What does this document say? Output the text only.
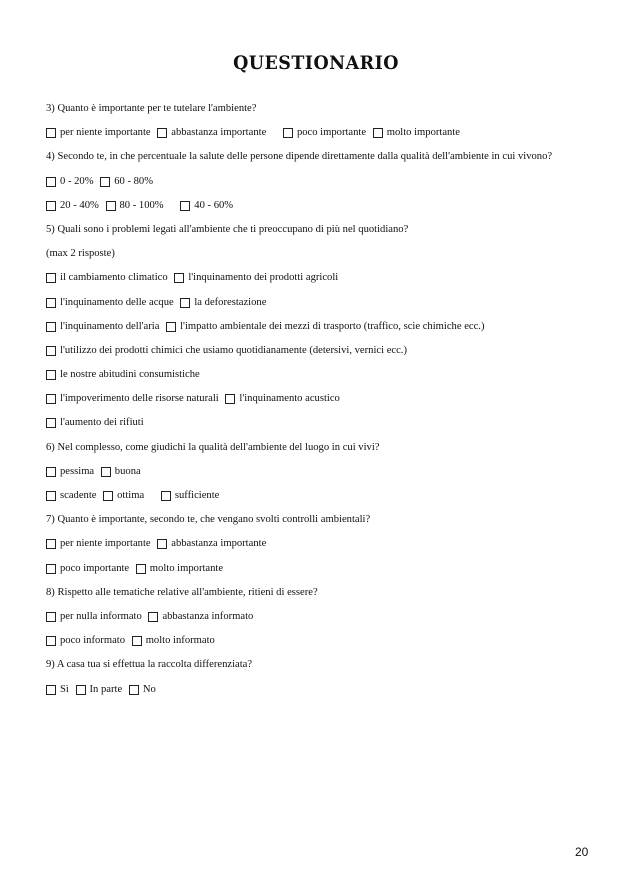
QUESTIONARIO
3) Quanto è importante per te tutelare l'ambiente?
per niente importante
abbastanza importante
	poco importante
molto importante
4) Secondo te, in che percentuale la salute delle persone dipende direttamente dalla qualità dell'ambiente in cui vivono?
0 - 20%
60 - 80%
20 - 40%
80 - 100%
	40 - 60%
5) Quali sono i problemi legati all'ambiente che ti preoccupano di più nel quotidiano?
(max 2 risposte)
il cambiamento climatico
l'inquinamento dei prodotti agricoli
l'inquinamento delle acque
la deforestazione
l'inquinamento dell'aria
l'impatto ambientale dei mezzi di trasporto (traffico, scie chimiche ecc.)
l'utilizzo dei prodotti chimici che usiamo quotidianamente (detersivi, vernici ecc.)
le nostre abitudini consumistiche
l'impoverimento delle risorse naturali
l'inquinamento acustico
l'aumento dei rifiuti
6) Nel complesso, come giudichi la qualità dell'ambiente del luogo in cui vivi?
pessima
buona
scadente
ottima
	sufficiente
7) Quanto è importante, secondo te, che vengano svolti controlli ambientali?
per niente importante
abbastanza importante
poco importante
molto importante
8) Rispetto alle tematiche relative all'ambiente, ritieni di essere?
per nulla informato
abbastanza informato
poco informato
molto informato
9) A casa tua si effettua la raccolta differenziata?
Sì
In parte
No
20
